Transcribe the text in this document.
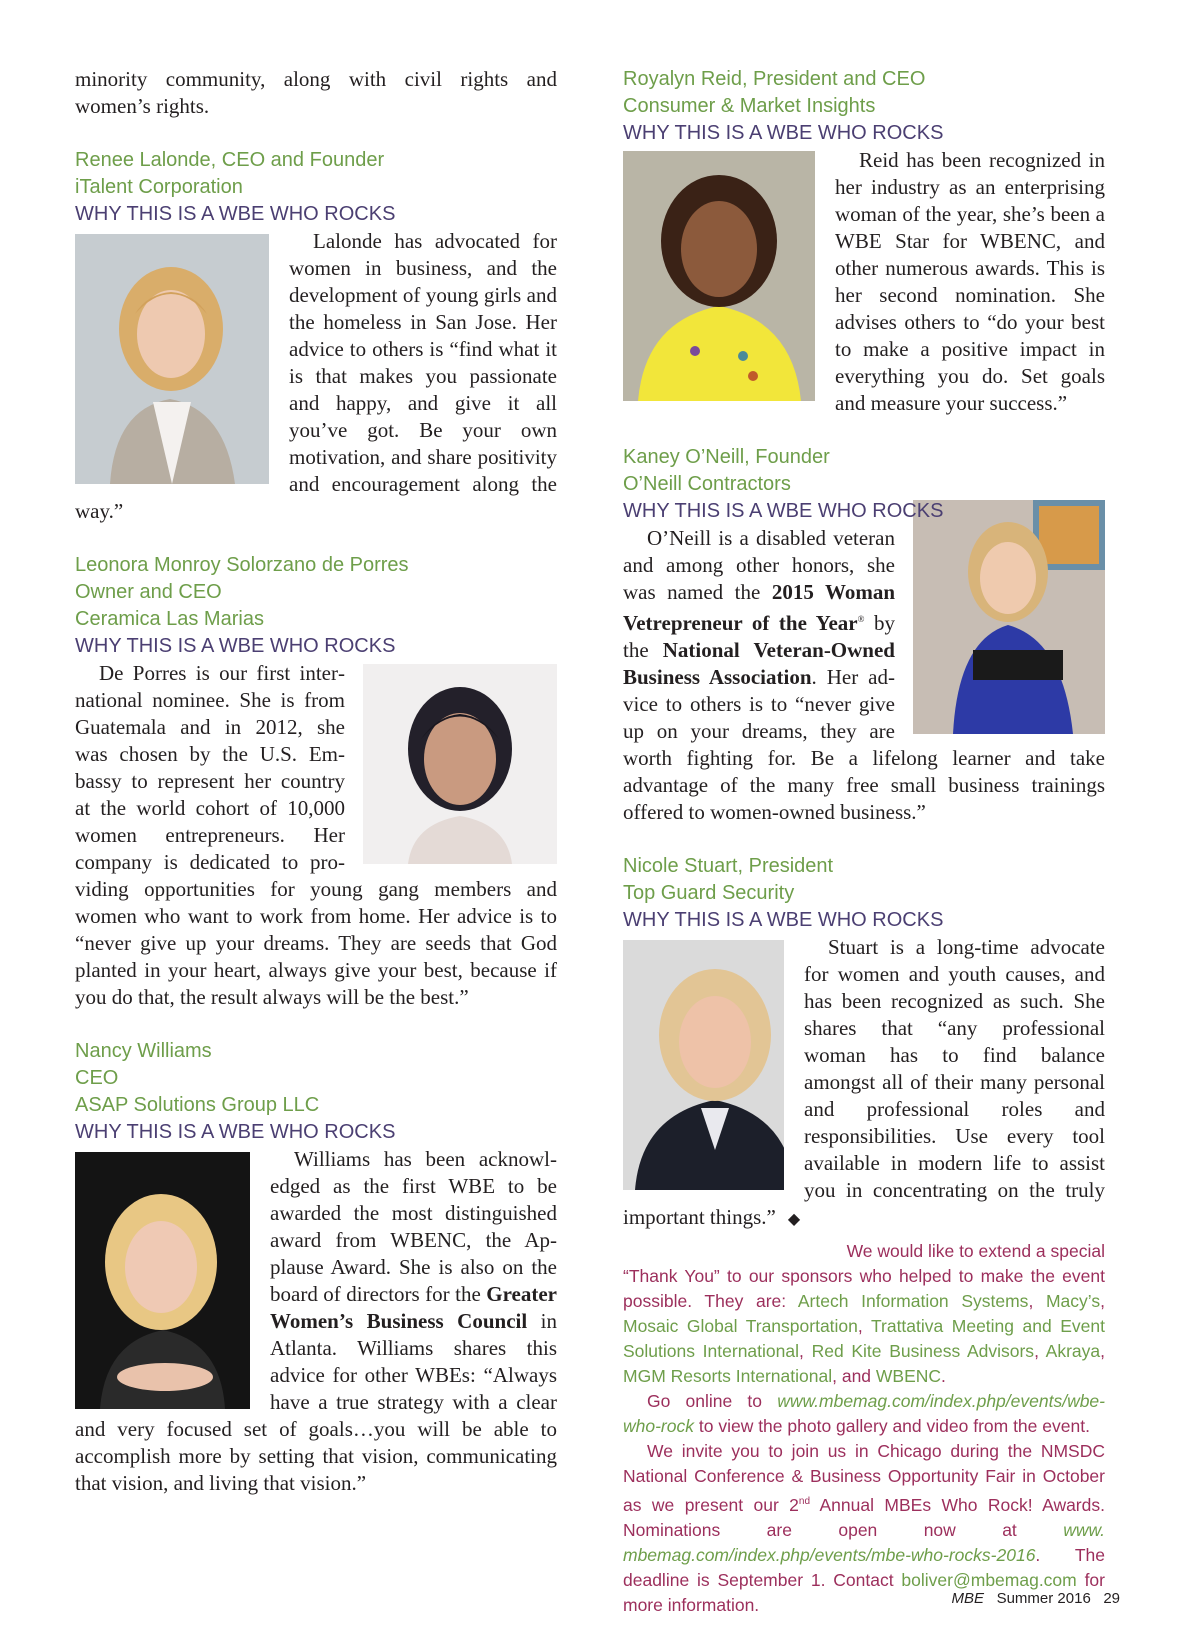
minority community, along with civil rights and women’s rights.

Renee Lalonde, CEO and Founder

iTalent Corporation

WHY THIS IS A WBE WHO ROCKS

Lalonde has advocated for women in business, and the development of young girls and the homeless in San Jose. Her advice to others is “find what it is that makes you passionate and happy, and give it all you’ve got. Be your own motivation, and share positivity and encouragement along the way.”

Leonora Monroy Solorzano de Porres

Owner and CEO

Ceramica Las Marias

WHY THIS IS A WBE WHO ROCKS

De Porres is our first international nominee. She is from Guatemala and in 2012, she was chosen by the U.S. Embassy to represent her country at the world cohort of 10,000 women entrepreneurs. Her company is dedicated to providing opportunities for young gang members and women who want to work from home. Her advice is to “never give up your dreams. They are seeds that God planted in your heart, always give your best, because if you do that, the result always will be the best.”

Nancy Williams

CEO

ASAP Solutions Group LLC

WHY THIS IS A WBE WHO ROCKS

Williams has been acknowledged as the first WBE to be awarded the most distinguished award from WBENC, the Applause Award. She is also on the board of directors for the Greater Women’s Business Council in Atlanta. Williams shares this advice for other WBEs: “Always have a true strategy with a clear and very focused set of goals…you will be able to accomplish more by setting that vision, communicating that vision, and living that vision.”

Royalyn Reid, President and CEO

Consumer & Market Insights

WHY THIS IS A WBE WHO ROCKS

Reid has been recognized in her industry as an enterprising woman of the year, she’s been a WBE Star for WBENC, and other numerous awards. This is her second nomination. She advises others to “do your best to make a positive impact in everything you do. Set goals and measure your success.”

Kaney O’Neill, Founder

O’Neill Contractors

WHY THIS IS A WBE WHO ROCKS

O’Neill is a disabled veteran and among other honors, she was named the 2015 Woman Vetrepreneur of the Year® by the National Veteran-Owned Business Association. Her advice to others is to “never give up on your dreams, they are worth fighting for. Be a lifelong learner and take advantage of the many free small business trainings offered to women-owned business.”

Nicole Stuart, President

Top Guard Security

WHY THIS IS A WBE WHO ROCKS

Stuart is a long-time advocate for women and youth causes, and has been recognized as such. She shares that “any professional woman has to find balance amongst all of their many personal and professional roles and responsibilities. Use every tool available in modern life to assist you in concentrating on the truly important things.” ◆

We would like to extend a special

“Thank You” to our sponsors who helped to make the event possible. They are: Artech Information Systems, Macy’s, Mosaic Global Transportation, Trattativa Meeting and Event Solutions International, Red Kite Business Advisors, Akraya, MGM Resorts International, and WBENC.

Go online to www.mbemag.com/index.php/events/wbe-who-rock to view the photo gallery and video from the event.

We invite you to join us in Chicago during the NMSDC National Conference & Business Opportunity Fair in October as we present our 2nd Annual MBEs Who Rock! Awards. Nominations are open now at www. mbemag.com/index.php/events/mbe-who-rocks-2016. The deadline is September 1. Contact boliver@mbemag.com for more information.	MBE Summer 2016 29
